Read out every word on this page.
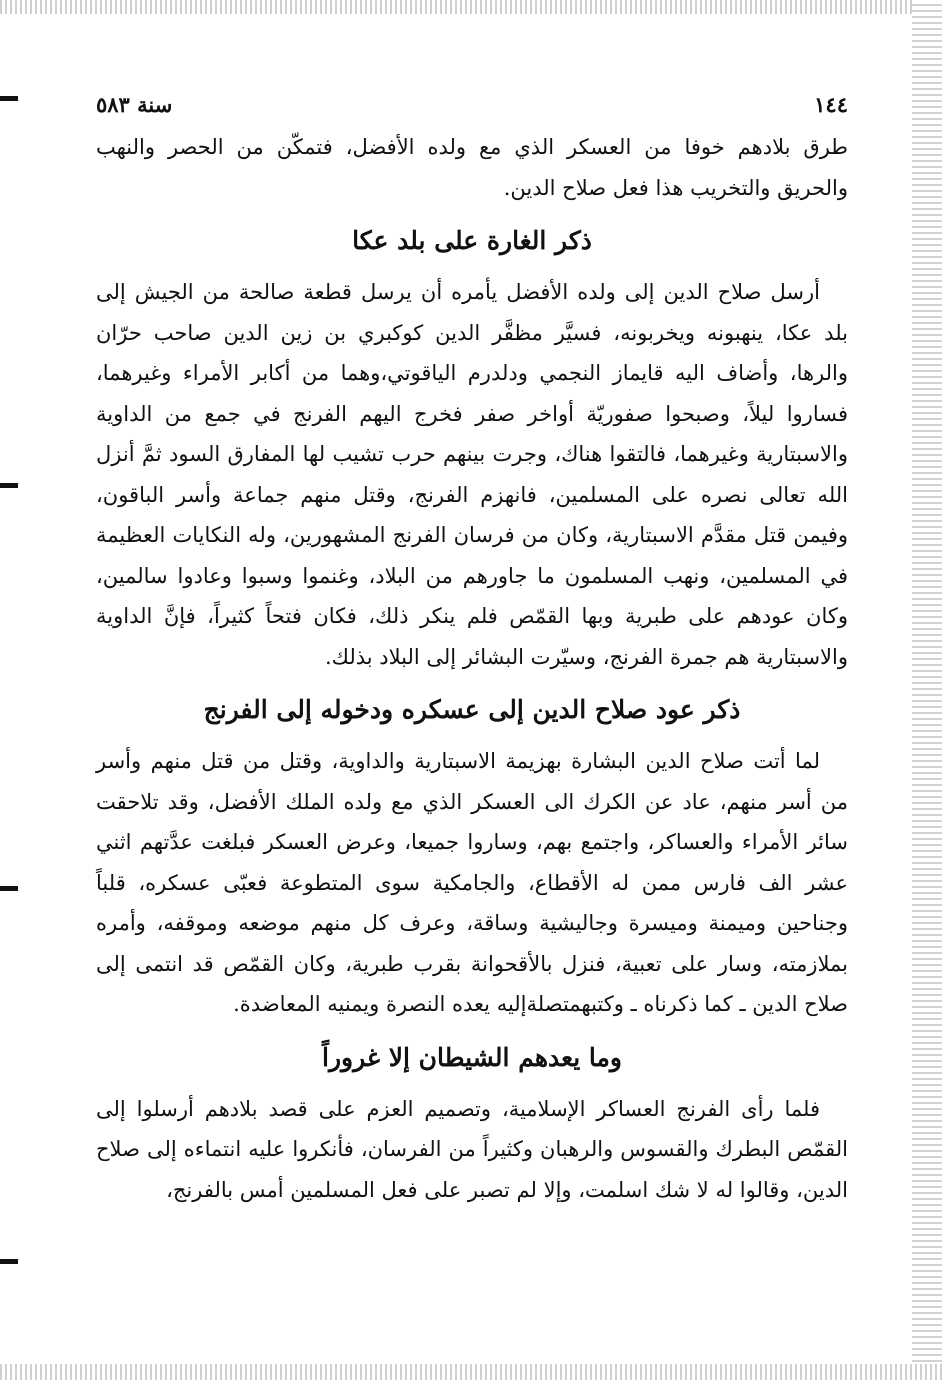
١٤٤
سنة ٥٨٣

طرق بلادهم خوفا من العسكر الذي مع ولده الأفضل، فتمكّن من الحصر والنهب والحريق والتخريب هذا فعل صلاح الدين.

ذكر الغارة على بلد عكا

أرسل صلاح الدين إلى ولده الأفضل يأمره أن يرسل قطعة صالحة من الجيش إلى بلد عكا، ينهبونه ويخربونه، فسيَّر مظفَّر الدين كوكبري بن زين الدين صاحب حرّان والرها، وأضاف اليه قايماز النجمي ودلدرم الياقوتي،وهما من أكابر الأمراء وغيرهما، فساروا ليلاً، وصبحوا صفوريّة أواخر صفر فخرج اليهم الفرنج في جمع من الداوية والاسبتارية وغيرهما، فالتقوا هناك، وجرت بينهم حرب تشيب لها المفارق السود ثمَّ أنزل الله تعالى نصره على المسلمين، فانهزم الفرنج، وقتل منهم جماعة وأسر الباقون، وفيمن قتل مقدَّم الاسبتارية، وكان من فرسان الفرنج المشهورين، وله النكايات العظيمة في المسلمين، ونهب المسلمون ما جاورهم من البلاد، وغنموا وسبوا وعادوا سالمين، وكان عودهم على طبرية وبها القمّص فلم ينكر ذلك، فكان فتحاً كثيراً، فإنَّ الداوية والاسبتارية هم جمرة الفرنج، وسيّرت البشائر إلى البلاد بذلك.

ذكر عود صلاح الدين إلى عسكره ودخوله إلى الفرنج

لما أتت صلاح الدين البشارة بهزيمة الاسبتارية والداوية، وقتل من قتل منهم وأسر من أسر منهم، عاد عن الكرك الى العسكر الذي مع ولده الملك الأفضل، وقد تلاحقت سائر الأمراء والعساكر، واجتمع بهم، وساروا جميعا، وعرض العسكر فبلغت عدَّتهم اثني عشر الف فارس ممن له الأقطاع، والجامكية سوى المتطوعة فعبّى عسكره، قلباً وجناحين وميمنة وميسرة وجاليشية وساقة، وعرف كل منهم موضعه وموقفه، وأمره بملازمته، وسار على تعبية، فنزل بالأقحوانة بقرب طبرية، وكان القمّص قد انتمى إلى صلاح الدين ـ كما ذكرناه ـ وكتبهمتصلةإليه يعده النصرة ويمنيه المعاضدة.

وما يعدهم الشيطان إلا غروراً

فلما رأى الفرنج العساكر الإسلامية، وتصميم العزم على قصد بلادهم أرسلوا إلى القمّص البطرك والقسوس والرهبان وكثيراً من الفرسان، فأنكروا عليه انتماءه إلى صلاح الدين، وقالوا له لا شك اسلمت، وإلا لم تصبر على فعل المسلمين أمس بالفرنج،
